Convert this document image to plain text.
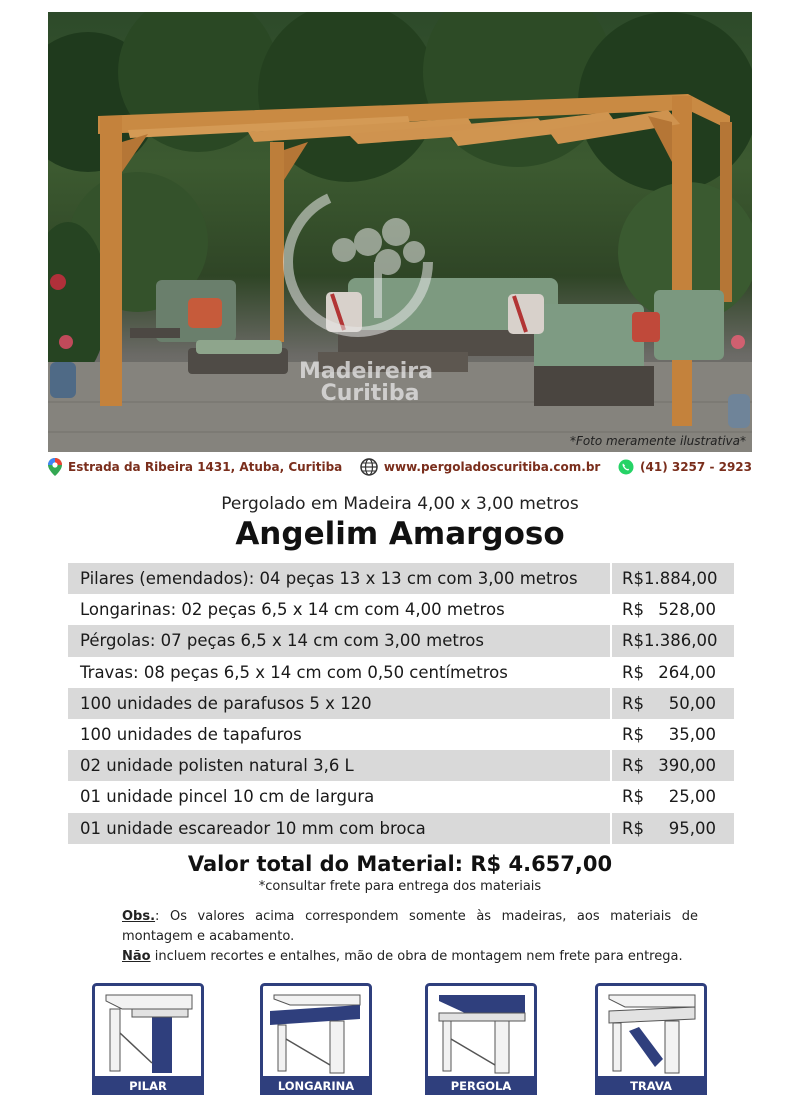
Madeireira
Curitiba
*Foto meramente ilustrativa*
Estrada da Ribeira 1431, Atuba, Curitiba	www.pergoladoscuritiba.com.br	(41) 3257 - 2923
Pergolado em Madeira 4,00 x 3,00 metros
Angelim Amargoso
Pilares (emendados): 04 peças 13 x 13 cm com 3,00 metros	R$ 1.884,00
Longarinas: 02 peças 6,5 x 14 cm com 4,00 metros	R$ 528,00
Pérgolas: 07 peças 6,5 x 14 cm com 3,00 metros	R$ 1.386,00
Travas: 08 peças 6,5 x 14 cm com 0,50 centímetros	R$ 264,00
100 unidades de parafusos 5 x 120	R$	50,00
100 unidades de tapafuros	R$	35,00
02 unidade polisten natural 3,6 L	R$ 390,00
01 unidade pincel 10 cm de largura	R$	25,00
01 unidade escareador 10 mm com broca	R$	95,00
Valor total do Material: R$ 4.657,00
*consultar frete para entrega dos materiais
Obs.: Os valores acima correspondem somente às madeiras, aos materiais de montagem e acabamento.
Não incluem recortes e entalhes, mão de obra de montagem nem frete para entrega.
PILAR	LONGARINA	PERGOLA	TRAVA
